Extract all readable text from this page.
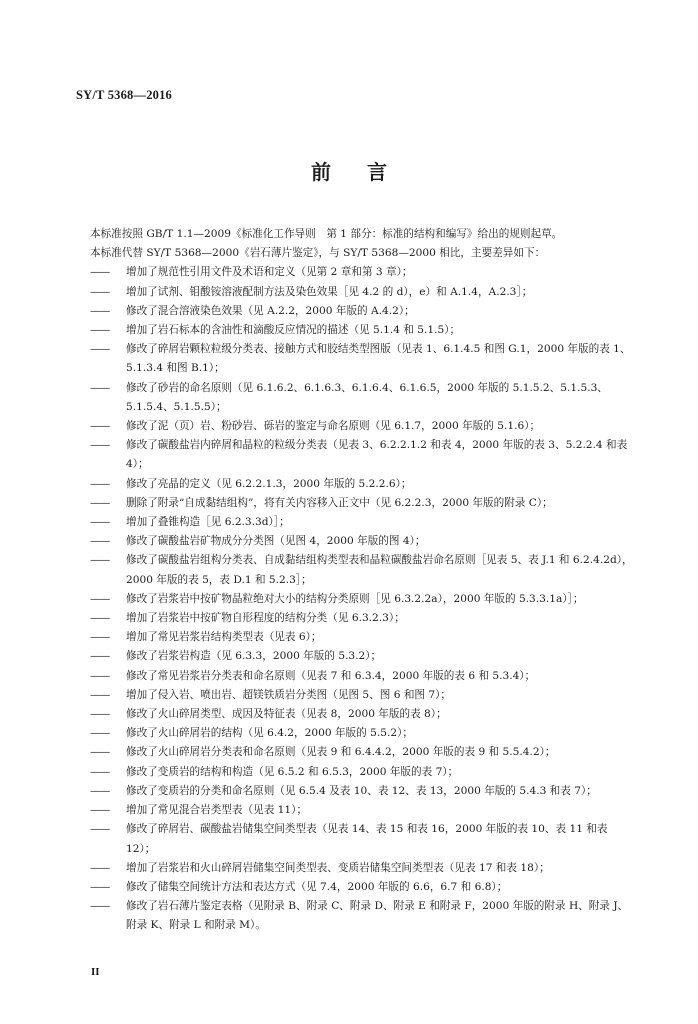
SY/T 5368—2016
前 言
本标准按照 GB/T 1.1—2009《标准化工作导则　第 1 部分：标准的结构和编写》给出的规则起草。
本标准代替 SY/T 5368—2000《岩石薄片鉴定》，与 SY/T 5368—2000 相比，主要差异如下：
—— 增加了规范性引用文件及术语和定义（见第 2 章和第 3 章）；
—— 增加了试剂、钼酸铵溶液配制方法及染色效果［见 4.2 的 d），e）和 A.1.4，A.2.3］；
—— 修改了混合溶液染色效果（见 A.2.2，2000 年版的 A.4.2）；
—— 增加了岩石标本的含油性和滴酸反应情况的描述（见 5.1.4 和 5.1.5）；
—— 修改了碎屑岩颗粒粒级分类表、接触方式和胶结类型图版（见表 1、6.1.4.5 和图 G.1，2000 年版的表 1、5.1.3.4 和图 B.1）；
—— 修改了砂岩的命名原则（见 6.1.6.2、6.1.6.3、6.1.6.4、6.1.6.5，2000 年版的 5.1.5.2、5.1.5.3、5.1.5.4、5.1.5.5）；
—— 修改了泥（页）岩、粉砂岩、砾岩的鉴定与命名原则（见 6.1.7，2000 年版的 5.1.6）；
—— 修改了碳酸盐岩内碎屑和晶粒的粒级分类表（见表 3、6.2.2.1.2 和表 4，2000 年版的表 3、5.2.2.4 和表 4）；
—— 修改了亮晶的定义（见 6.2.2.1.3，2000 年版的 5.2.2.6）；
—— 删除了附录“自成黏结组构”，将有关内容移入正文中（见 6.2.2.3，2000 年版的附录 C）；
—— 增加了叠锥构造［见 6.2.3.3d）］；
—— 修改了碳酸盐岩矿物成分分类图（见图 4，2000 年版的图 4）；
—— 修改了碳酸盐岩组构分类表、自成黏结组构类型表和晶粒碳酸盐岩命名原则［见表 5、表 J.1 和 6.2.4.2d），2000 年版的表 5，表 D.1 和 5.2.3］；
—— 修改了岩浆岩中按矿物晶粒绝对大小的结构分类原则［见 6.3.2.2a），2000 年版的 5.3.3.1a）］；
—— 增加了岩浆岩中按矿物自形程度的结构分类（见 6.3.2.3）；
—— 增加了常见岩浆岩结构类型表（见表 6）；
—— 修改了岩浆岩构造（见 6.3.3，2000 年版的 5.3.2）；
—— 修改了常见岩浆岩分类表和命名原则（见表 7 和 6.3.4，2000 年版的表 6 和 5.3.4）；
—— 增加了侵入岩、喷出岩、超镁铁质岩分类图（见图 5、图 6 和图 7）；
—— 修改了火山碎屑类型、成因及特征表（见表 8，2000 年版的表 8）；
—— 修改了火山碎屑岩的结构（见 6.4.2，2000 年版的 5.5.2）；
—— 修改了火山碎屑岩分类表和命名原则（见表 9 和 6.4.4.2，2000 年版的表 9 和 5.5.4.2）；
—— 修改了变质岩的结构和构造（见 6.5.2 和 6.5.3，2000 年版的表 7）；
—— 修改了变质岩的分类和命名原则（见 6.5.4 及表 10、表 12、表 13，2000 年版的 5.4.3 和表 7）；
—— 增加了常见混合岩类型表（见表 11）；
—— 修改了碎屑岩、碳酸盐岩储集空间类型表（见表 14、表 15 和表 16，2000 年版的表 10、表 11 和表 12）；
—— 增加了岩浆岩和火山碎屑岩储集空间类型表、变质岩储集空间类型表（见表 17 和表 18）；
—— 修改了储集空间统计方法和表达方式（见 7.4，2000 年版的 6.6，6.7 和 6.8）；
—— 修改了岩石薄片鉴定表格（见附录 B、附录 C、附录 D、附录 E 和附录 F，2000 年版的附录 H、附录 J、附录 K、附录 L 和附录 M）。
II
